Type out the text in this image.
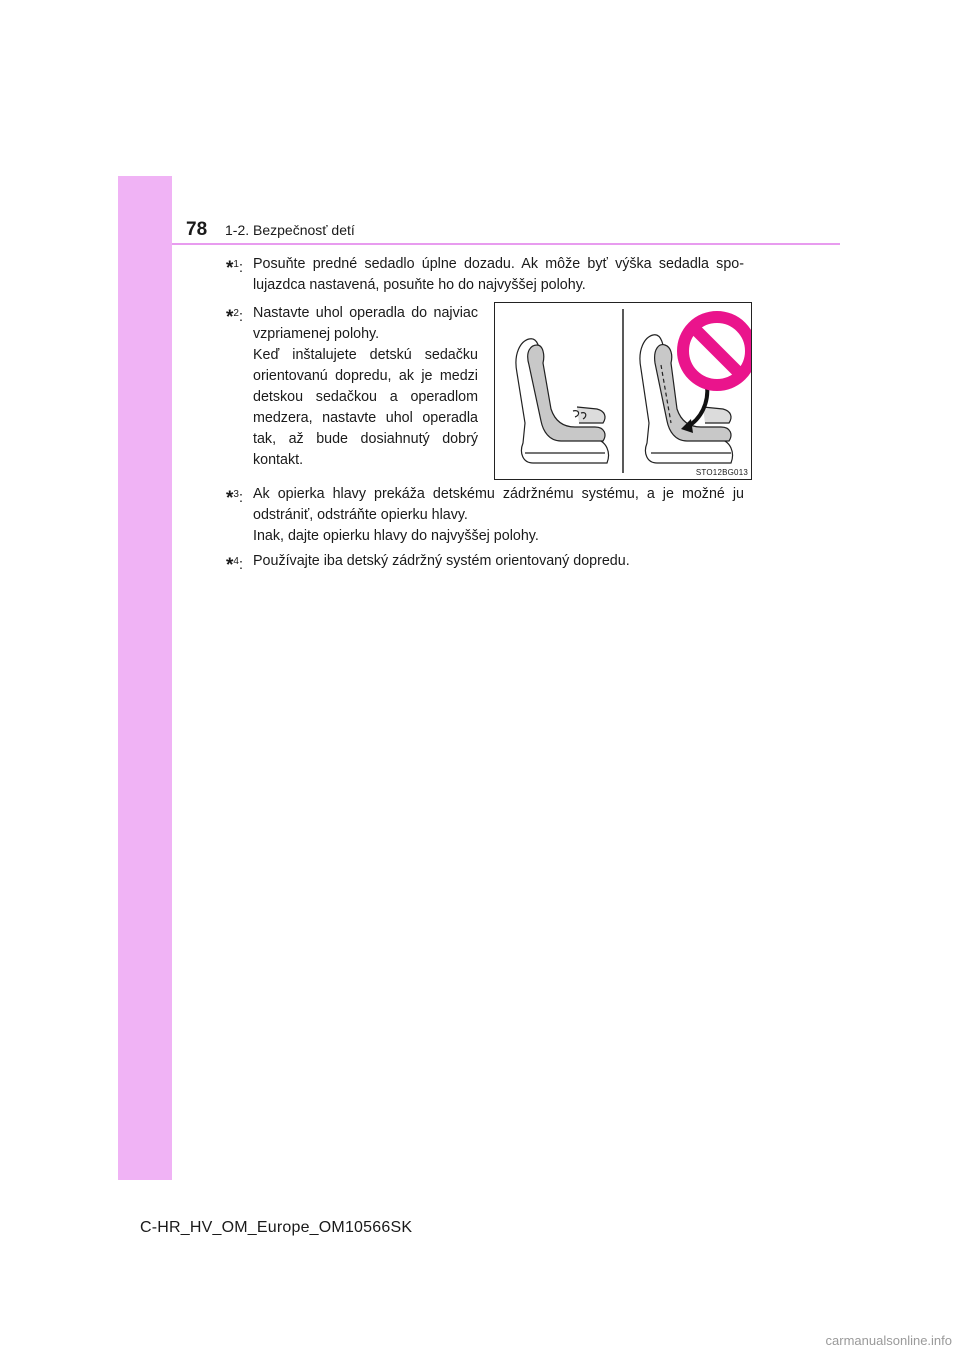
78 1-2. Bezpečnosť detí
*$^1$: Posuňte predné sedadlo úplne dozadu. Ak môže byť výška sedadla spo-lujazdca nastavená, posuňte ho do najvyššej polohy.

*$^2$: Nastavte uhol operadla do najviac vzpriamenej polohy.

Keď inštalujete detskú sedačku orientovanú dopredu, ak je medzi detskou sedačkou a operadlom medzera, nastavte uhol operadla tak, až bude dosiahnutý dobrý kontakt.

STO12BG013
*$^3$: Ak opierka hlavy prekáža detskému zádržnému systému, a je možné ju odstrániť, odstráňte opierku hlavy.

Inak, dajte opierku hlavy do najvyššej polohy.

*$^4$: Používajte iba detský zádržný systém orientovaný dopredu.

C-HR_HV_OM_Europe_OM10566SK
carmanualsonline.info
